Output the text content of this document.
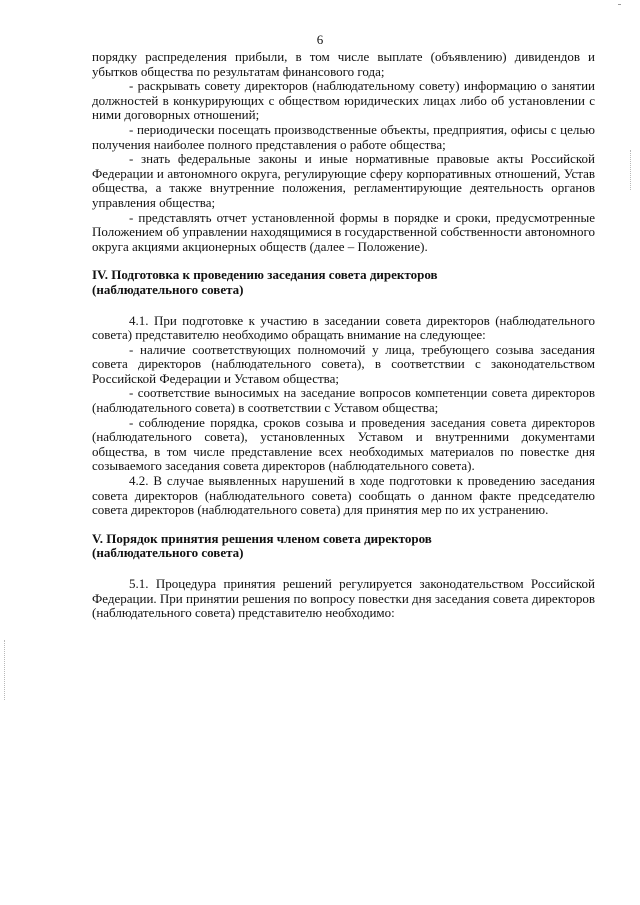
6

порядку распределения прибыли, в том числе выплате (объявлению) дивидендов и убытков общества по результатам финансового года;

- раскрывать совету директоров (наблюдательному совету) информацию о занятии должностей в конкурирующих с обществом юридических лицах либо об установлении с ними договорных отношений;

- периодически посещать производственные объекты, предприятия, офисы с целью получения наиболее полного представления о работе общества;

- знать федеральные законы и иные нормативные правовые акты Российской Федерации и автономного округа, регулирующие сферу корпоративных отношений, Устав общества, а также внутренние положения, регламентирующие деятельность органов управления общества;

- представлять отчет установленной формы в порядке и сроки, предусмотренные Положением об управлении находящимися в государственной собственности автономного округа акциями акционерных обществ (далее – Положение).

IV. Подготовка к проведению заседания совета директоров

(наблюдательного совета)

4.1. При подготовке к участию в заседании совета директоров (наблюдательного совета) представителю необходимо обращать внимание на следующее:

- наличие соответствующих полномочий у лица, требующего созыва заседания совета директоров (наблюдательного совета), в соответствии с законодательством Российской Федерации и Уставом общества;

- соответствие выносимых на заседание вопросов компетенции совета директоров (наблюдательного совета) в соответствии с Уставом общества;

- соблюдение порядка, сроков созыва и проведения заседания совета директоров (наблюдательного совета), установленных Уставом и внутренними документами общества, в том числе представление всех необходимых материалов по повестке дня созываемого заседания совета директоров (наблюдательного совета).

4.2. В случае выявленных нарушений в ходе подготовки к проведению заседания совета директоров (наблюдательного совета) сообщать о данном факте председателю совета директоров (наблюдательного совета) для принятия мер по их устранению.

V. Порядок принятия решения членом совета директоров

(наблюдательного совета)

5.1. Процедура принятия решений регулируется законодательством Российской Федерации. При принятии решения по вопросу повестки дня заседания совета директоров (наблюдательного совета) представителю необходимо:
